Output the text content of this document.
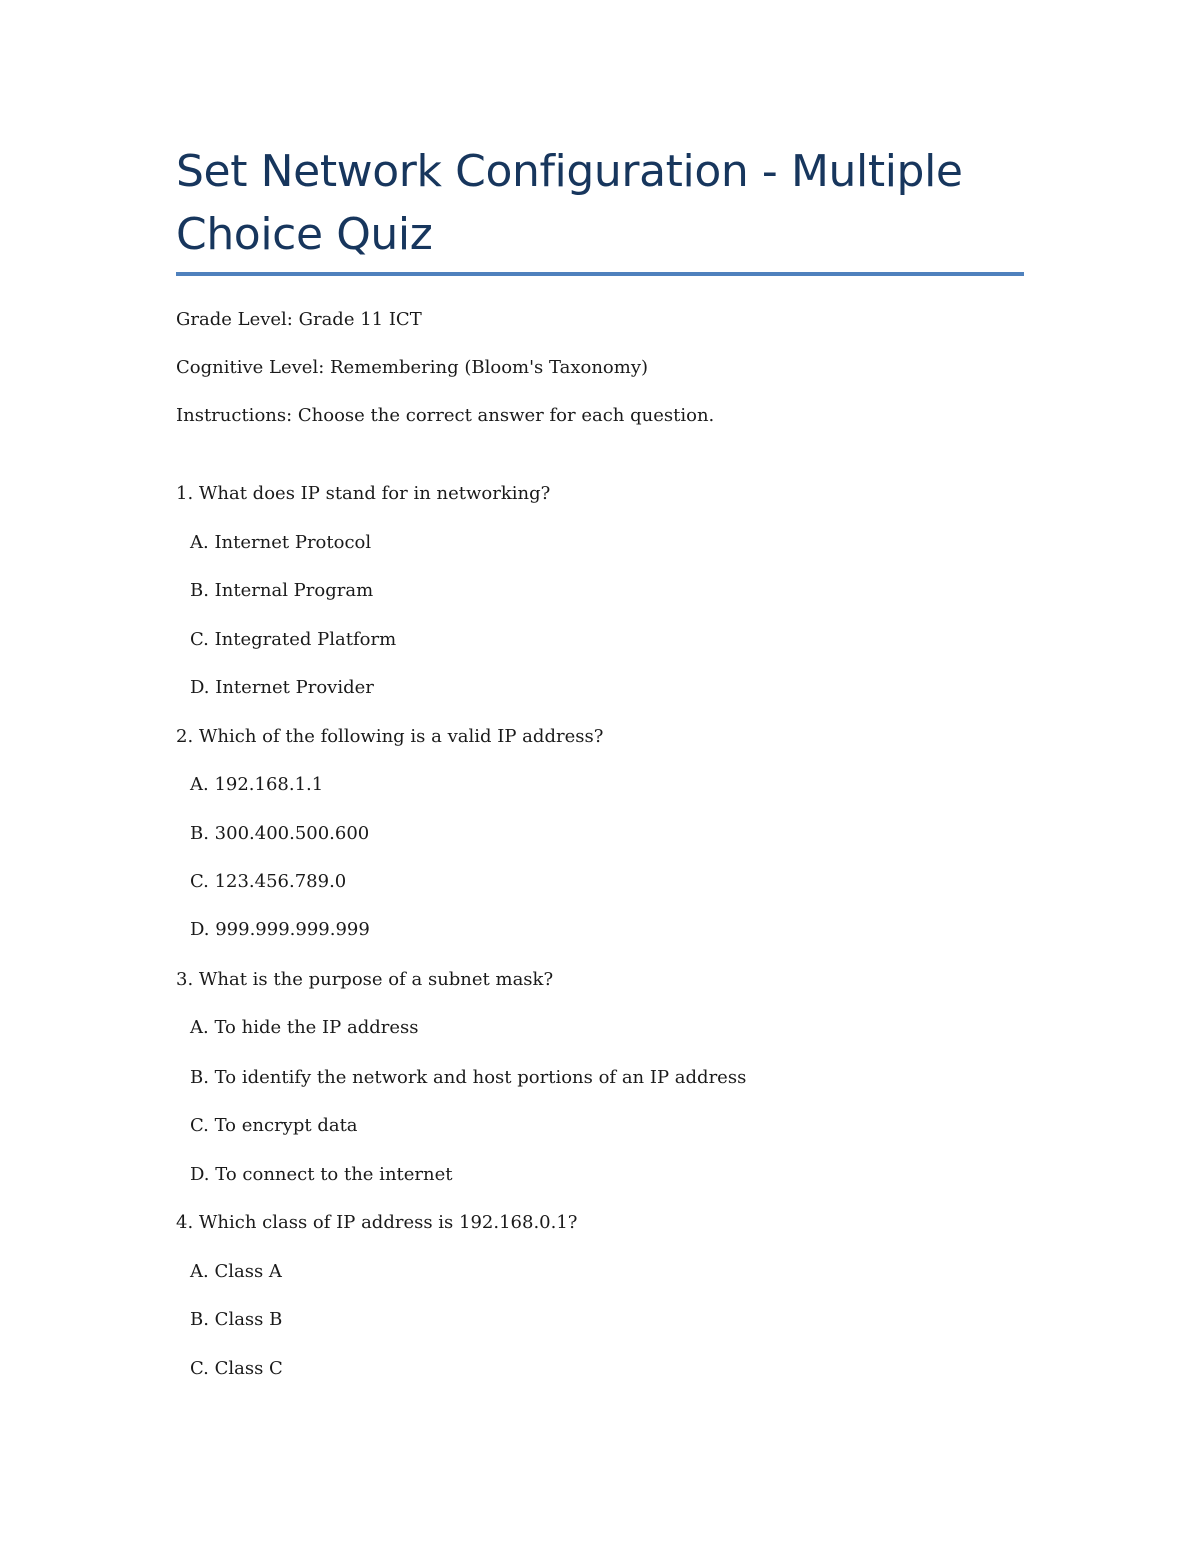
Set Network Configuration - Multiple Choice Quiz

Grade Level: Grade 11 ICT

Cognitive Level: Remembering (Bloom's Taxonomy)

Instructions: Choose the correct answer for each question.

1. What does IP stand for in networking?

A. Internet Protocol

B. Internal Program

C. Integrated Platform

D. Internet Provider

2. Which of the following is a valid IP address?

A. 192.168.1.1

B. 300.400.500.600

C. 123.456.789.0

D. 999.999.999.999

3. What is the purpose of a subnet mask?

A. To hide the IP address

B. To identify the network and host portions of an IP address

C. To encrypt data

D. To connect to the internet

4. Which class of IP address is 192.168.0.1?

A. Class A

B. Class B

C. Class C
